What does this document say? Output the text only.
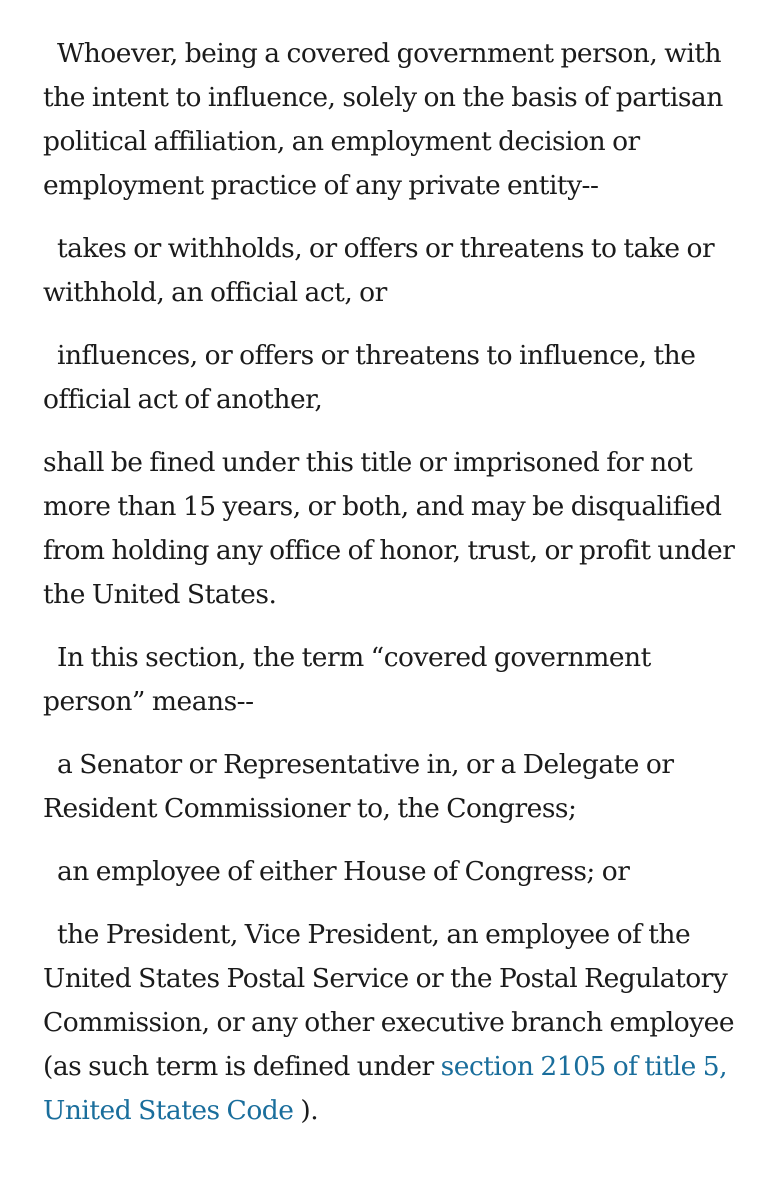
Whoever, being a covered government person, with the intent to influence, solely on the basis of partisan political affiliation, an employment decision or employment practice of any private entity--

takes or withholds, or offers or threatens to take or withhold, an official act, or

influences, or offers or threatens to influence, the official act of another,

shall be fined under this title or imprisoned for not more than 15 years, or both, and may be disqualified from holding any office of honor, trust, or profit under the United States.

In this section, the term “covered government person” means--

a Senator or Representative in, or a Delegate or Resident Commissioner to, the Congress;

an employee of either House of Congress; or

the President, Vice President, an employee of the United States Postal Service or the Postal Regulatory Commission, or any other executive branch employee (as such term is defined under section 2105 of title 5, United States Code ).
